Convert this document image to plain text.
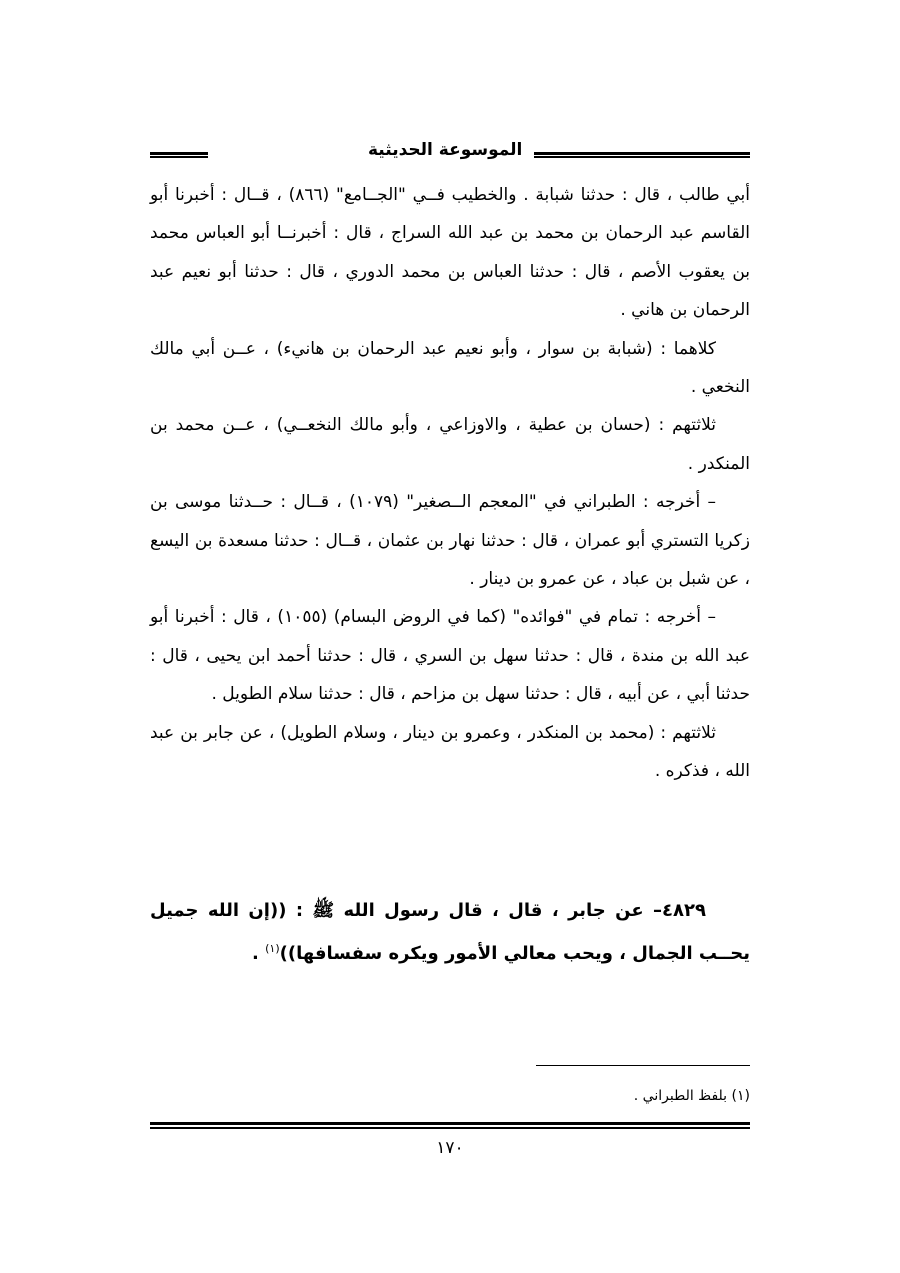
الموسوعة الحديثية

أبي طالب ، قال : حدثنا شبابة . والخطيب فــي "الجــامع" (٨٦٦) ، قــال : أخبرنا أبو القاسم عبد الرحمان بن محمد بن عبد الله السراج ، قال : أخبرنــا أبو العباس محمد بن يعقوب الأصم ، قال : حدثنا العباس بن محمد الدوري ، قال : حدثنا أبو نعيم عبد الرحمان بن هاني .

كلاهما : (شبابة بن سوار ، وأبو نعيم عبد الرحمان بن هانيء) ، عــن أبي مالك النخعي .

ثلاثتهم : (حسان بن عطية ، والاوزاعي ، وأبو مالك النخعــي) ، عــن محمد بن المنكدر .

– أخرجه : الطبراني في "المعجم الــصغير" (١٠٧٩) ، قــال : حــدثنا موسى بن زكريا التستري أبو عمران ، قال : حدثنا نهار بن عثمان ، قــال : حدثنا مسعدة بن اليسع ، عن شبل بن عباد ، عن عمرو بن دينار .

– أخرجه : تمام في "فوائده" (كما في الروض البسام) (١٠٥٥) ، قال : أخبرنا أبو عبد الله بن مندة ، قال : حدثنا سهل بن السري ، قال : حدثنا أحمد ابن يحيى ، قال : حدثنا أبي ، عن أبيه ، قال : حدثنا سهل بن مزاحم ، قال : حدثنا سلام الطويل .

ثلاثتهم : (محمد بن المنكدر ، وعمرو بن دينار ، وسلام الطويل) ، عن جابر بن عبد الله ، فذكره .

٤٨٢٩– عن جابر ، قال ، قال رسول الله ﷺ : ((إن الله جميل يحــب الجمال ، ويحب معالي الأمور ويكره سفسافها))$^{(١)}$ .
(١) بلفظ الطبراني .
١٧٠
